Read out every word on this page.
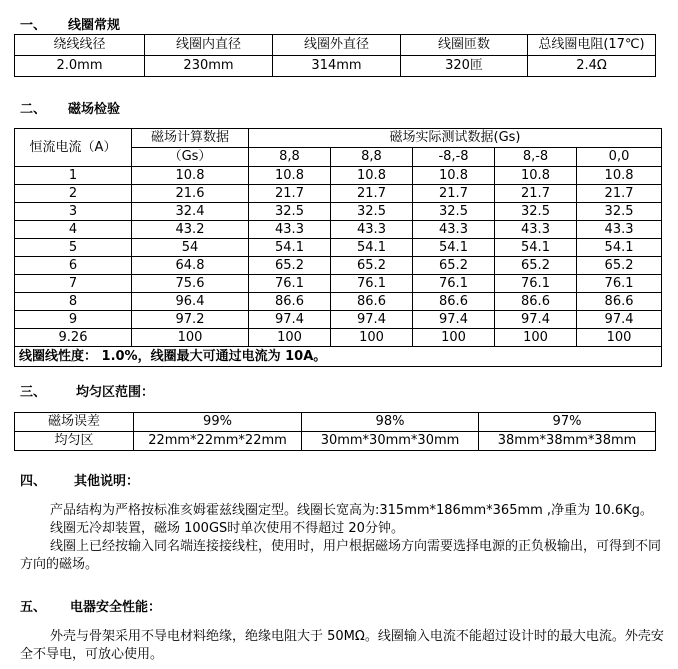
一、 线圈常规
绕线线径	线圈内直径	线圈外直径	线圈匝数	总线圈电阻(17℃)
2.0mm	230mm	314mm	320匝	2.4Ω
二、 磁场检验
恒流电流（A）	磁场计算数据	磁场实际测试数据(Gs)				
	（Gs）	8,8	8,8	-8,-8	8,-8	0,0
1	10.8	10.8	10.8	10.8	10.8	10.8
2	21.6	21.7	21.7	21.7	21.7	21.7
3	32.4	32.5	32.5	32.5	32.5	32.5
4	43.2	43.3	43.3	43.3	43.3	43.3
5	54	54.1	54.1	54.1	54.1	54.1
6	64.8	65.2	65.2	65.2	65.2	65.2
7	75.6	76.1	76.1	76.1	76.1	76.1
8	96.4	86.6	86.6	86.6	86.6	86.6
9	97.2	97.4	97.4	97.4	97.4	97.4
9.26	100	100	100	100	100	100
线圈线性度： 1.0%，线圈最大可通过电流为 10A。						
三、 均匀区范围：
磁场误差	99%	98%	97%
均匀区	22mm*22mm*22mm	30mm*30mm*30mm	38mm*38mm*38mm
四、 其他说明：
产品结构为严格按标准亥姆霍兹线圈定型。线圈长宽高为:315mm*186mm*365mm ,净重为 10.6Kg。
线圈无冷却装置，磁场 100GS时单次使用不得超过 20分钟。
线圈上已经按输入同名端连接接线柱，使用时，用户根据磁场方向需要选择电源的正负极输出，可得到不同方向的磁场。
五、 电器安全性能：
外壳与骨架采用不导电材料绝缘，绝缘电阻大于 50MΩ。线圈输入电流不能超过设计时的最大电流。外壳安全不导电，可放心使用。
